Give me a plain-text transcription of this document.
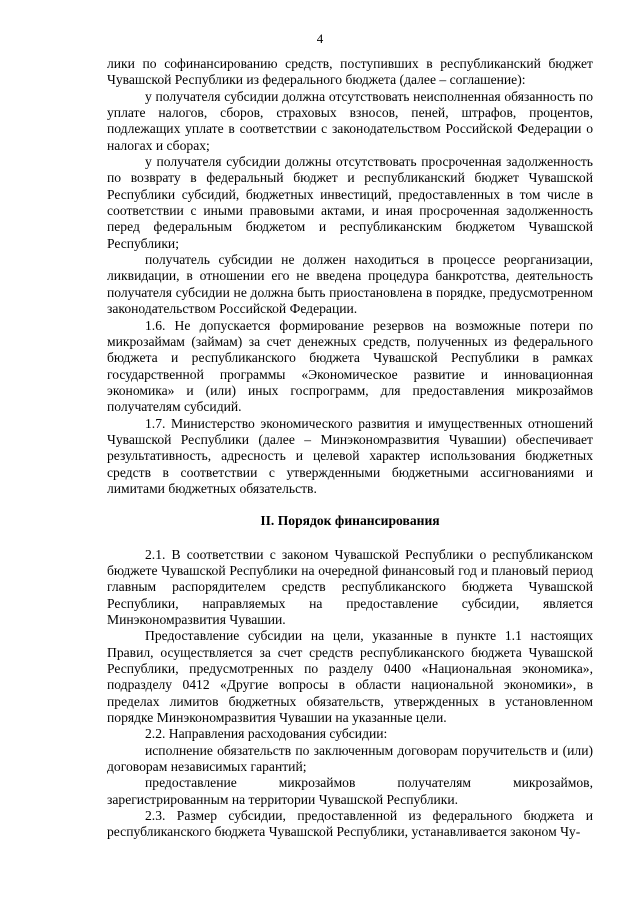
4

лики по софинансированию средств, поступивших в республиканский бюджет Чувашской Республики из федерального бюджета (далее – соглашение):

у получателя субсидии должна отсутствовать неисполненная обязанность по уплате налогов, сборов, страховых взносов, пеней, штрафов, процентов, подлежащих уплате в соответствии с законодательством Российской Федерации о налогах и сборах;

у получателя субсидии должны отсутствовать просроченная задолженность по возврату в федеральный бюджет и республиканский бюджет Чувашской Республики субсидий, бюджетных инвестиций, предоставленных в том числе в соответствии с иными правовыми актами, и иная просроченная задолженность перед федеральным бюджетом и республиканским бюджетом Чувашской Республики;

получатель субсидии не должен находиться в процессе реорганизации, ликвидации, в отношении его не введена процедура банкротства, деятельность получателя субсидии не должна быть приостановлена в порядке, предусмотренном законодательством Российской Федерации.

1.6. Не допускается формирование резервов на возможные потери по микрозаймам (займам) за счет денежных средств, полученных из федерального бюджета и республиканского бюджета Чувашской Республики в рамках государственной программы «Экономическое развитие и инновационная экономика» и (или) иных госпрограмм, для предоставления микрозаймов получателям субсидий.

1.7. Министерство экономического развития и имущественных отношений Чувашской Республики (далее – Минэкономразвития Чувашии) обеспечивает результативность, адресность и целевой характер использования бюджетных средств в соответствии с утвержденными бюджетными ассигнованиями и лимитами бюджетных обязательств.

II. Порядок финансирования

2.1. В соответствии с законом Чувашской Республики о республиканском бюджете Чувашской Республики на очередной финансовый год и плановый период главным распорядителем средств республиканского бюджета Чувашской Республики, направляемых на предоставление субсидии, является Минэкономразвития Чувашии.

Предоставление субсидии на цели, указанные в пункте 1.1 настоящих Правил, осуществляется за счет средств республиканского бюджета Чувашской Республики, предусмотренных по разделу 0400 «Национальная экономика», подразделу 0412 «Другие вопросы в области национальной экономики», в пределах лимитов бюджетных обязательств, утвержденных в установленном порядке Минэкономразвития Чувашии на указанные цели.

2.2. Направления расходования субсидии:

исполнение обязательств по заключенным договорам поручительств и (или) договорам независимых гарантий;

предоставление микрозаймов получателям микрозаймов, зарегистрированным на территории Чувашской Республики.

2.3. Размер субсидии, предоставленной из федерального бюджета и республиканского бюджета Чувашской Республики, устанавливается законом Чу-
